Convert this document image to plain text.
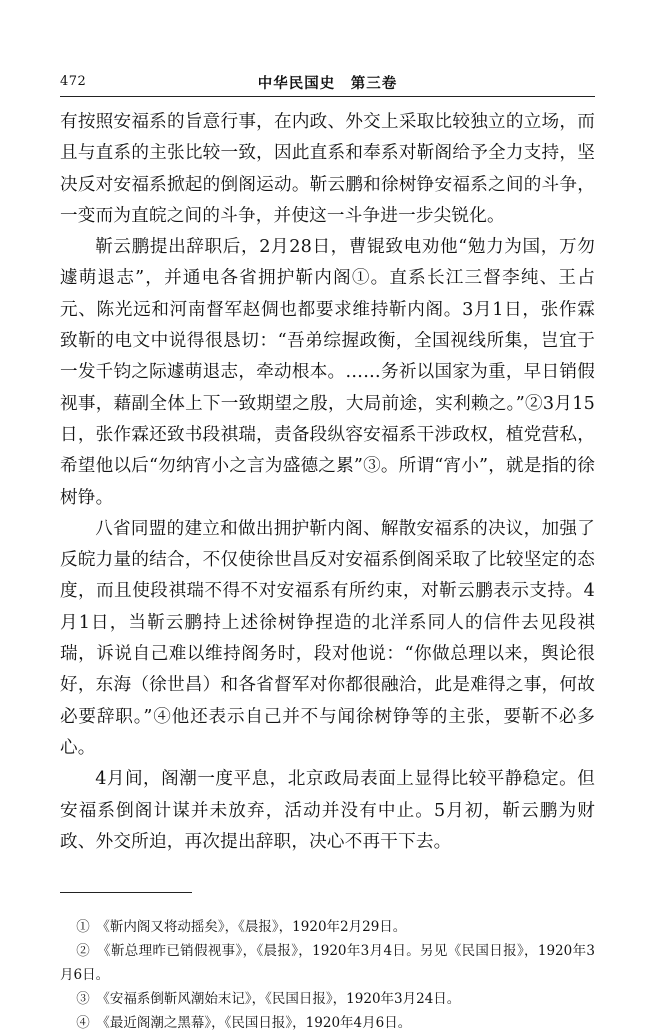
472	中华民国史　第三卷

有按照安福系的旨意行事，在内政、外交上采取比较独立的立场，而且与直系的主张比较一致，因此直系和奉系对靳阁给予全力支持，坚决反对安福系掀起的倒阁运动。靳云鹏和徐树铮安福系之间的斗争，一变而为直皖之间的斗争，并使这一斗争进一步尖锐化。

靳云鹏提出辞职后，2月28日，曹锟致电劝他“勉力为国，万勿遽萌退志”，并通电各省拥护靳内阁①。直系长江三督李纯、王占元、陈光远和河南督军赵倜也都要求维持靳内阁。3月1日，张作霖致靳的电文中说得很恳切：“吾弟综握政衡，全国视线所集，岂宜于一发千钧之际遽萌退志，牵动根本。……务祈以国家为重，早日销假视事，藉副全体上下一致期望之殷，大局前途，实利赖之。”②3月15日，张作霖还致书段祺瑞，责备段纵容安福系干涉政权，植党营私，希望他以后“勿纳宵小之言为盛德之累”③。所谓“宵小”，就是指的徐树铮。

八省同盟的建立和做出拥护靳内阁、解散安福系的决议，加强了反皖力量的结合，不仅使徐世昌反对安福系倒阁采取了比较坚定的态度，而且使段祺瑞不得不对安福系有所约束，对靳云鹏表示支持。4月1日，当靳云鹏持上述徐树铮捏造的北洋系同人的信件去见段祺瑞，诉说自己难以维持阁务时，段对他说：“你做总理以来，舆论很好，东海（徐世昌）和各省督军对你都很融洽，此是难得之事，何故必要辞职。”④他还表示自己并不与闻徐树铮等的主张，要靳不必多心。

4月间，阁潮一度平息，北京政局表面上显得比较平静稳定。但安福系倒阁计谋并未放弃，活动并没有中止。5月初，靳云鹏为财政、外交所迫，再次提出辞职，决心不再干下去。

①　《靳内阁又将动摇矣》，《晨报》，1920年2月29日。

②　《靳总理昨已销假视事》，《晨报》，1920年3月4日。另见《民国日报》，1920年3月6日。

③　《安福系倒靳风潮始末记》，《民国日报》，1920年3月24日。

④　《最近阁潮之黑幕》，《民国日报》，1920年4月6日。
